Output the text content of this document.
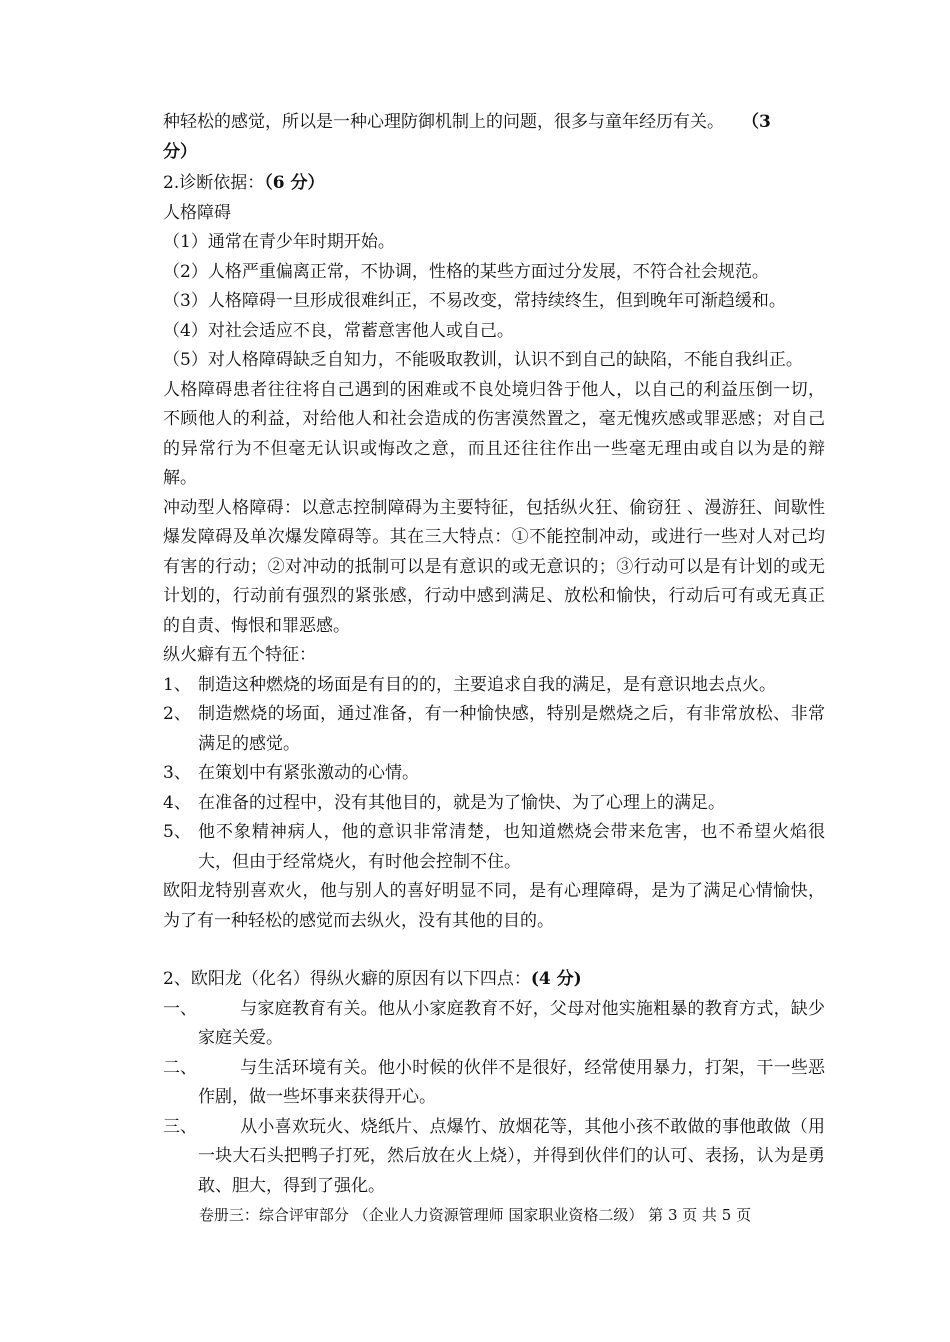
种轻松的感觉，所以是一种心理防御机制上的问题，很多与童年经历有关。 （3
分）
2.诊断依据：（6 分）
人格障碍
（1）通常在青少年时期开始。
（2）人格严重偏离正常，不协调，性格的某些方面过分发展，不符合社会规范。
（3）人格障碍一旦形成很难纠正，不易改变，常持续终生，但到晚年可渐趋缓和。
（4）对社会适应不良，常蓄意害他人或自己。
（5）对人格障碍缺乏自知力，不能吸取教训，认识不到自己的缺陷，不能自我纠正。
人格障碍患者往往将自己遇到的困难或不良处境归咎于他人，以自己的利益压倒一切，不顾他人的利益，对给他人和社会造成的伤害漠然置之，毫无愧疚感或罪恶感；对自己的异常行为不但毫无认识或悔改之意，而且还往往作出一些毫无理由或自以为是的辩解。
冲动型人格障碍：以意志控制障碍为主要特征，包括纵火狂、偷窃狂 、漫游狂、间歇性爆发障碍及单次爆发障碍等。其在三大特点：①不能控制冲动，或进行一些对人对己均有害的行动；②对冲动的抵制可以是有意识的或无意识的；③行动可以是有计划的或无计划的，行动前有强烈的紧张感，行动中感到满足、放松和愉快，行动后可有或无真正的自责、悔恨和罪恶感。
纵火癖有五个特征：
1、 制造这种燃烧的场面是有目的的，主要追求自我的满足，是有意识地去点火。
2、 制造燃烧的场面，通过准备，有一种愉快感，特别是燃烧之后，有非常放松、非常满足的感觉。
3、 在策划中有紧张激动的心情。
4、 在准备的过程中，没有其他目的，就是为了愉快、为了心理上的满足。
5、 他不象精神病人，他的意识非常清楚，也知道燃烧会带来危害，也不希望火焰很大，但由于经常烧火，有时他会控制不住。
欧阳龙特别喜欢火，他与别人的喜好明显不同，是有心理障碍，是为了满足心情愉快，为了有一种轻松的感觉而去纵火，没有其他的目的。
2、欧阳龙（化名）得纵火癖的原因有以下四点：(4 分)
一、	与家庭教育有关。他从小家庭教育不好，父母对他实施粗暴的教育方式，缺少家庭关爱。
二、	与生活环境有关。他小时候的伙伴不是很好，经常使用暴力，打架，干一些恶作剧，做一些坏事来获得开心。
三、	从小喜欢玩火、烧纸片、点爆竹、放烟花等，其他小孩不敢做的事他敢做（用一块大石头把鸭子打死，然后放在火上烧），并得到伙伴们的认可、表扬，认为是勇敢、胆大，得到了强化。
卷册三：综合评审部分 （企业人力资源管理师 国家职业资格二级） 第 3 页 共 5 页
